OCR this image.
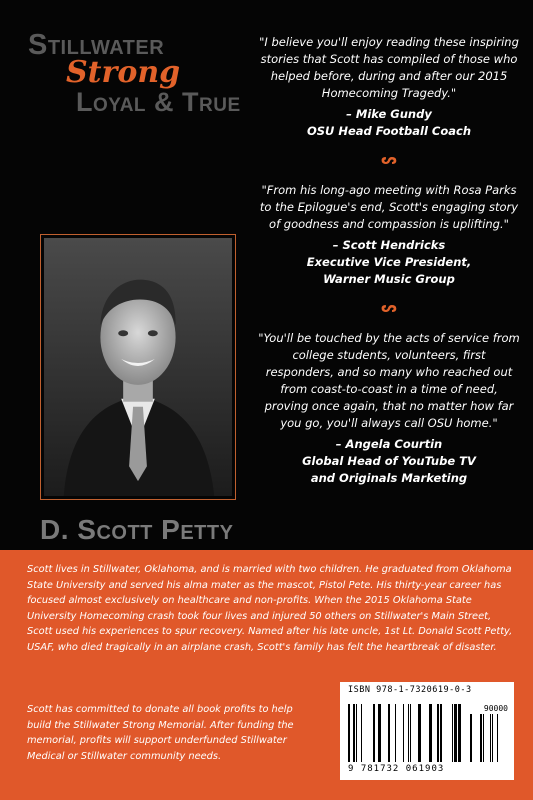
Stillwater
Strong
Loyal & True
D. Scott Petty
"I believe you'll enjoy reading these inspiring stories that Scott has compiled of those who helped before, during and after our 2015 Homecoming Tragedy."
– Mike Gundy
OSU Head Football Coach
ᔕ
"From his long-ago meeting with Rosa Parks to the Epilogue's end, Scott's engaging story of goodness and compassion is uplifting."
– Scott Hendricks
Executive Vice President,
Warner Music Group
ᔕ
"You'll be touched by the acts of service from college students, volunteers, first responders, and so many who reached out from coast-to-coast in a time of need, proving once again, that no matter how far you go, you'll always call OSU home."
– Angela Courtin
Global Head of YouTube TV
and Originals Marketing

Scott lives in Stillwater, Oklahoma, and is married with two children. He graduated from Oklahoma State University and served his alma mater as the mascot, Pistol Pete. His thirty-year career has focused almost exclusively on healthcare and non-profits. When the 2015 Oklahoma State University Homecoming crash took four lives and injured 50 others on Stillwater's Main Street, Scott used his experiences to spur recovery. Named after his late uncle, 1st Lt. Donald Scott Petty, USAF, who died tragically in an airplane crash, Scott's family has felt the heartbreak of disaster.

Scott has committed to donate all book profits to help build the Stillwater Strong Memorial. After funding the memorial, profits will support underfunded Stillwater Medical or Stillwater community needs.

ISBN 978-1-7320619-0-3
90000
9 781732 061903
